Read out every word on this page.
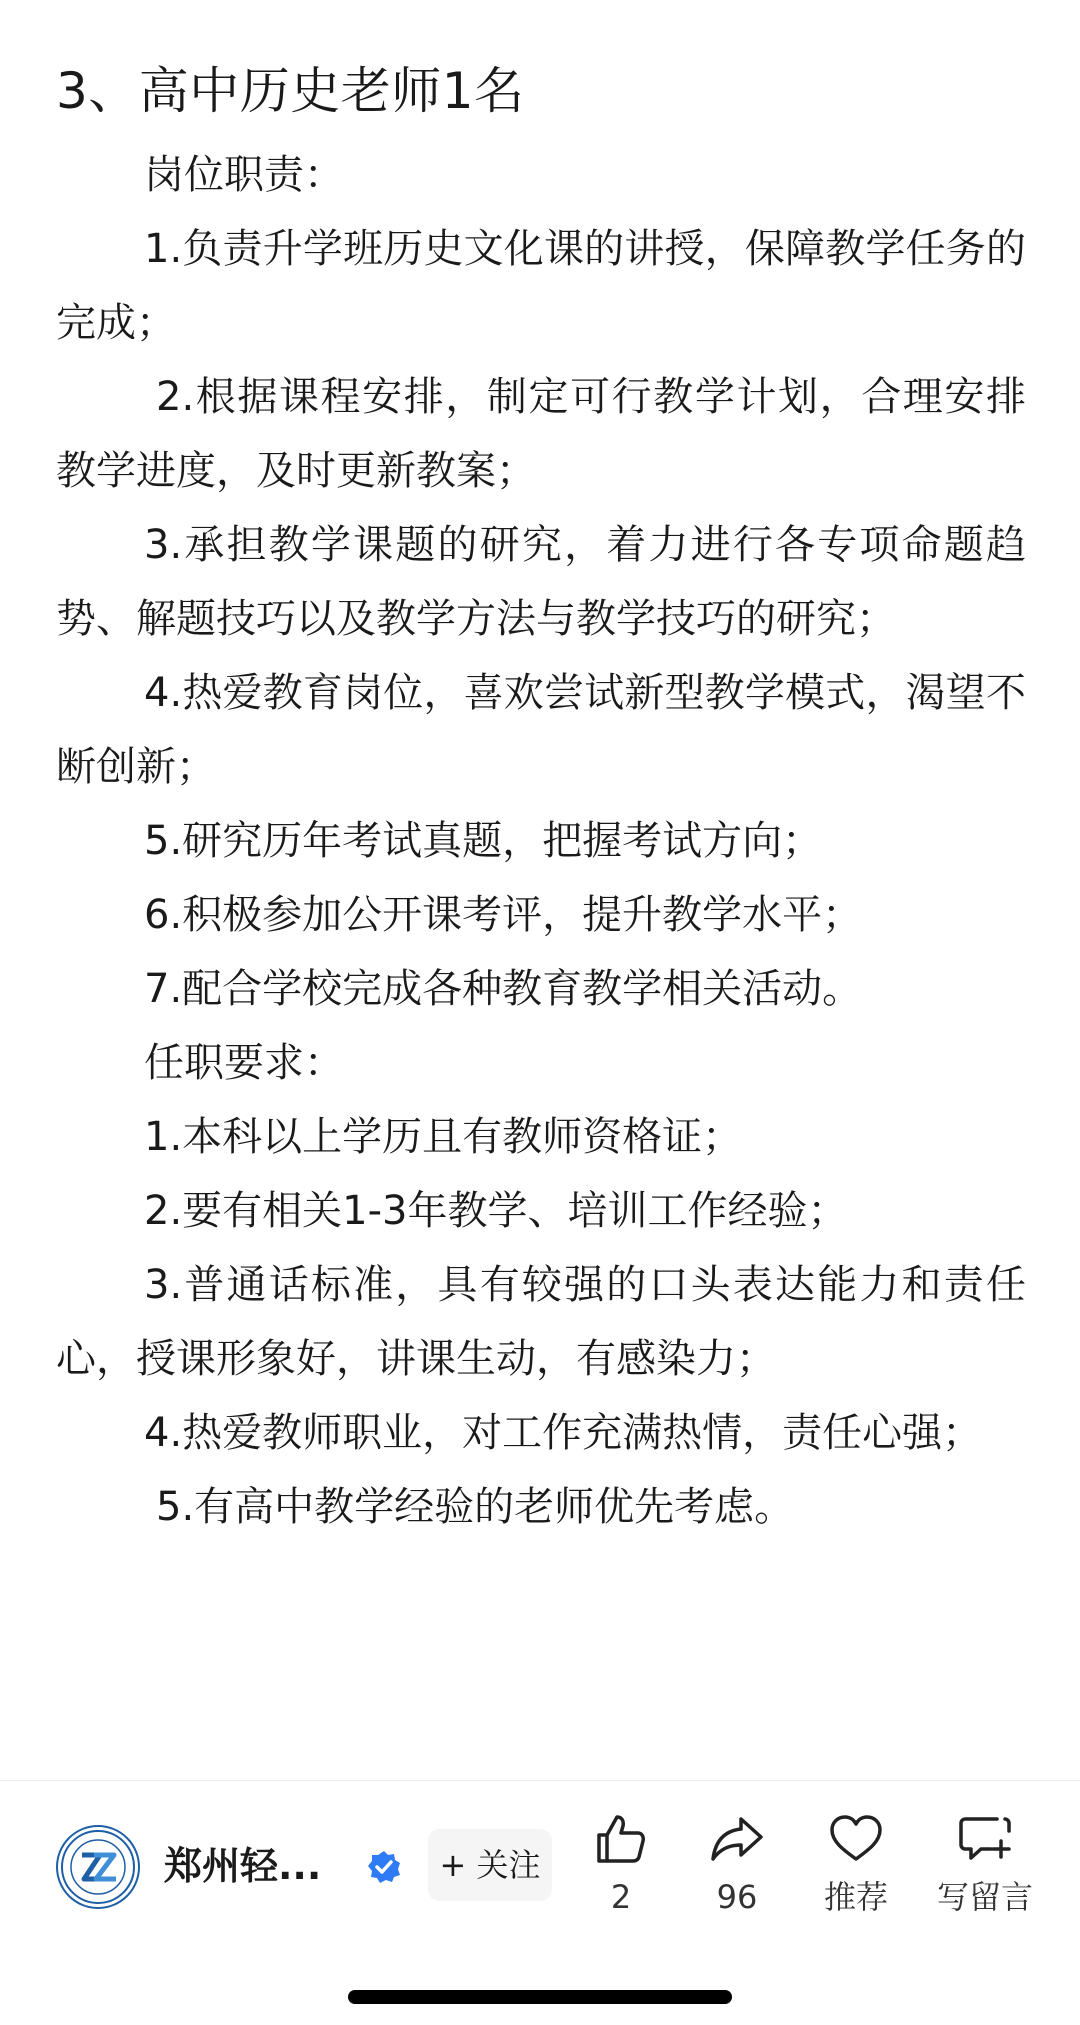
3、高中历史老师1名

岗位职责：

1.负责升学班历史文化课的讲授，保障教学任务的完成；

2.根据课程安排，制定可行教学计划，合理安排教学进度，及时更新教案；

3.承担教学课题的研究，着力进行各专项命题趋势、解题技巧以及教学方法与教学技巧的研究；

4.热爱教育岗位，喜欢尝试新型教学模式，渴望不断创新；

5.研究历年考试真题，把握考试方向；

6.积极参加公开课考评，提升教学水平；

7.配合学校完成各种教育教学相关活动。

任职要求：

1.本科以上学历且有教师资格证；

2.要有相关1-3年教学、培训工作经验；

3.普通话标准，具有较强的口头表达能力和责任心，授课形象好，讲课生动，有感染力；

4.热爱教师职业，对工作充满热情，责任心强；

5.有高中教学经验的老师优先考虑。

郑州轻...	+ 关注
2	96	推荐	写留言
